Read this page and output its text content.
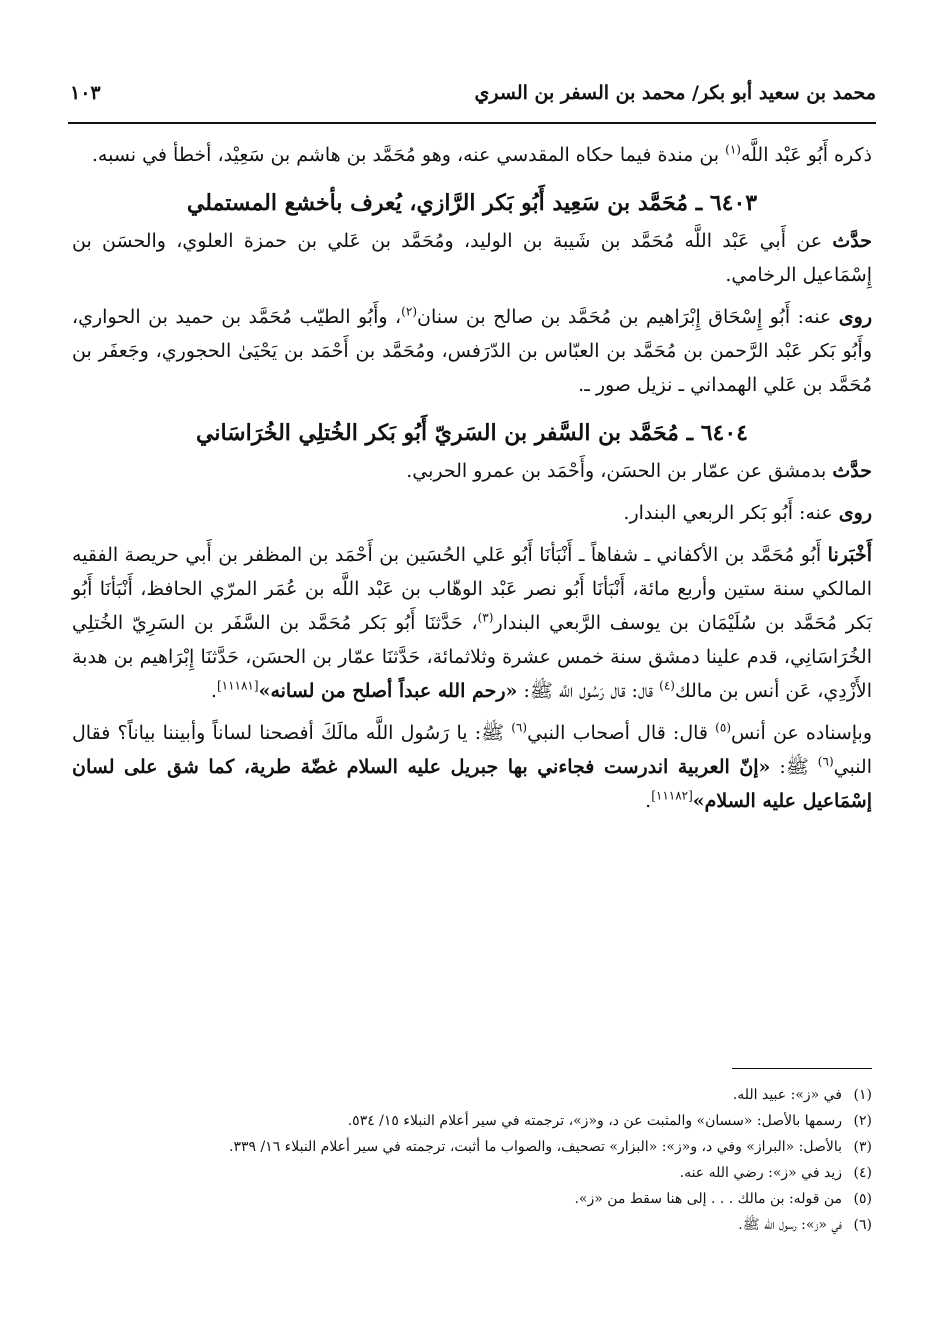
محمد بن سعيد أبو بكر/ محمد بن السفر بن السري
١٠٣

ذكره أَبُو عَبْد اللَّه$^{(١)}$ بن مندة فيما حكاه المقدسي عنه، وهو مُحَمَّد بن هاشم بن سَعِيْد، أخطأ في نسبه.

٦٤٠٣ ـ مُحَمَّد بن سَعِيد أَبُو بَكر الرَّازي، يُعرف بأخشع المستملي

حدَّث عن أَبي عَبْد اللَّه مُحَمَّد بن شَيبة بن الوليد، ومُحَمَّد بن عَلي بن حمزة العلوي، والحسَن بن إِسْمَاعيل الرخامي.

روى عنه: أَبُو إِسْحَاق إِبْرَاهيم بن مُحَمَّد بن صالح بن سنان$^{(٢)}$، وأَبُو الطيّب مُحَمَّد بن حميد بن الحواري، وأَبُو بَكر عَبْد الرَّحمن بن مُحَمَّد بن العبّاس بن الدّرَفس، ومُحَمَّد بن أَحْمَد بن يَحْيَىٰ الحجوري، وجَعفَر بن مُحَمَّد بن عَلي الهمداني ـ نزيل صور ـ.

٦٤٠٤ ـ مُحَمَّد بن السَّفر بن السَريّ أَبُو بَكر الخُتلِي الخُرَاسَاني

حدَّث بدمشق عن عمّار بن الحسَن، وأَحْمَد بن عمرو الحربي.

روى عنه: أَبُو بَكر الربعي البندار.

أَخْبَرنا أَبُو مُحَمَّد بن الأكفاني ـ شفاهاً ـ أَنْبَأنَا أَبُو عَلي الحُسَين بن أَحْمَد بن المظفر بن أَبي حريصة الفقيه المالكي سنة ستين وأربع مائة، أَنْبَأنَا أَبُو نصر عَبْد الوهّاب بن عَبْد اللَّه بن عُمَر المرّي الحافظ، أَنْبَأنَا أَبُو بَكر مُحَمَّد بن سُلَيْمَان بن يوسف الرَّبعي البندار$^{(٣)}$، حَدَّثنَا أَبُو بَكر مُحَمَّد بن السَّفَر بن السَرِيّ الخُتلِي الخُرَاسَانِي، قدم علينا دمشق سنة خمس عشرة وثلاثمائة، حَدَّثنَا عمّار بن الحسَن، حَدَّثنَا إِبْرَاهيم بن هدبة الأَزْدِي، عَن أنس بن مالك$^{(٤)}$ قال: قال رَسُول اللَّه ﷺ: «رحم الله عبداً أصلح من لسانه»[١١١٨١].

وبإسناده عن أنس$^{(٥)}$ قال: قال أصحاب النبي$^{(٦)}$ ﷺ: يا رَسُول اللَّه مالَكَ أفصحنا لساناً وأبيننا بياناً؟ فقال النبي$^{(٦)}$ ﷺ: «إنّ العربية اندرست فجاءني بها جبريل عليه السلام غضّة طرية، كما شق على لسان إسْمَاعيل عليه السلام»[١١١٨٢].

(١)في «ز»: عبيد الله.
(٢)رسمها بالأصل: «سسان» والمثبت عن د، و«ز»، ترجمته في سير أعلام النبلاء ١٥/ ٥٣٤.
(٣)بالأصل: «البراز» وفي د، و«ز»: «البزار» تصحيف، والصواب ما أثبت، ترجمته في سير أعلام النبلاء ١٦/ ٣٣٩.
(٤)زيد في «ز»: رضي الله عنه.
(٥)من قوله: بن مالك . . . إلى هنا سقط من «ز».
(٦)في «ز»: رسول الله ﷺ.
